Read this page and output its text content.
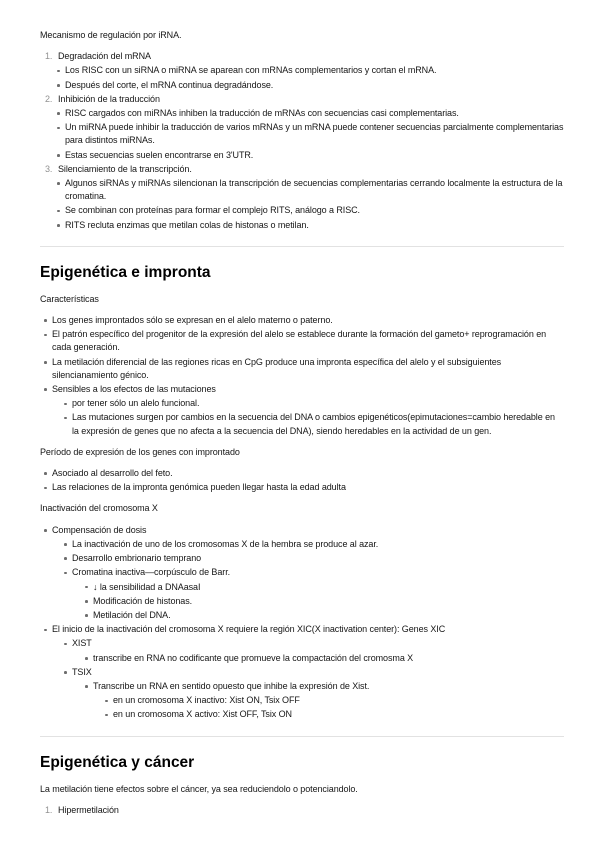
Mecanismo de regulación por iRNA.
1. Degradación del mRNA
Los RISC con un siRNA o miRNA se aparean con mRNAs complementarios y cortan el mRNA.
Después del corte, el mRNA continua degradándose.
2. Inhibición de la traducción
RISC cargados con miRNAs inhiben la traducción de mRNAs con secuencias casi complementarias.
Un miRNA puede inhibir la traducción de varios mRNAs y un mRNA puede contener secuencias parcialmente complementarias para distintos miRNAs.
Estas secuencias suelen encontrarse en 3'UTR.
3. Silenciamiento de la transcripción.
Algunos siRNAs y miRNAs silencionan la transcripción de secuencias complementarias cerrando localmente la estructura de la cromatina.
Se combinan con proteínas para formar el complejo RITS, análogo a RISC.
RITS recluta enzimas que metilan colas de histonas o metilan.
Epigenética e impronta
Características
Los genes improntados sólo se expresan en el alelo materno o paterno.
El patrón específico del progenitor de la expresión del alelo se establece durante la formación del gameto+ reprogramación en cada generación.
La metilación diferencial de las regiones ricas en CpG produce una impronta específica del alelo y el subsiguientes silencianamiento génico.
Sensibles a los efectos de las mutaciones
por tener sólo un alelo funcional.
Las mutaciones surgen por cambios en la secuencia del DNA o cambios epigenéticos(epimutaciones=cambio heredable en la expresión de genes que no afecta a la secuencia del DNA), siendo heredables en la actividad de un gen.
Período de expresión de los genes con improntado
Asociado al desarrollo del feto.
Las relaciones de la impronta genómica pueden llegar hasta la edad adulta
Inactivación del cromosoma X
Compensación de dosis
La inactivación de uno de los cromosomas X de la hembra se produce al azar.
Desarrollo embrionario temprano
Cromatina inactiva—corpúsculo de Barr.
↓ la sensibilidad a DNAasaI
Modificación de histonas.
Metilación del DNA.
El inicio de la inactivación del cromosoma X requiere la región XIC(X inactivation center): Genes XIC
XIST
transcribe en RNA no codificante que promueve la compactación del cromosma X
TSIX
Transcribe un RNA en sentido opuesto que inhibe la expresión de Xist.
en un cromosoma X inactivo: Xist ON, Tsix OFF
en un cromosoma X activo: Xist OFF, Tsix ON
Epigenética y cáncer
La metilación tiene efectos sobre el cáncer, ya sea reduciendolo o potenciandolo.
1. Hipermetilación
